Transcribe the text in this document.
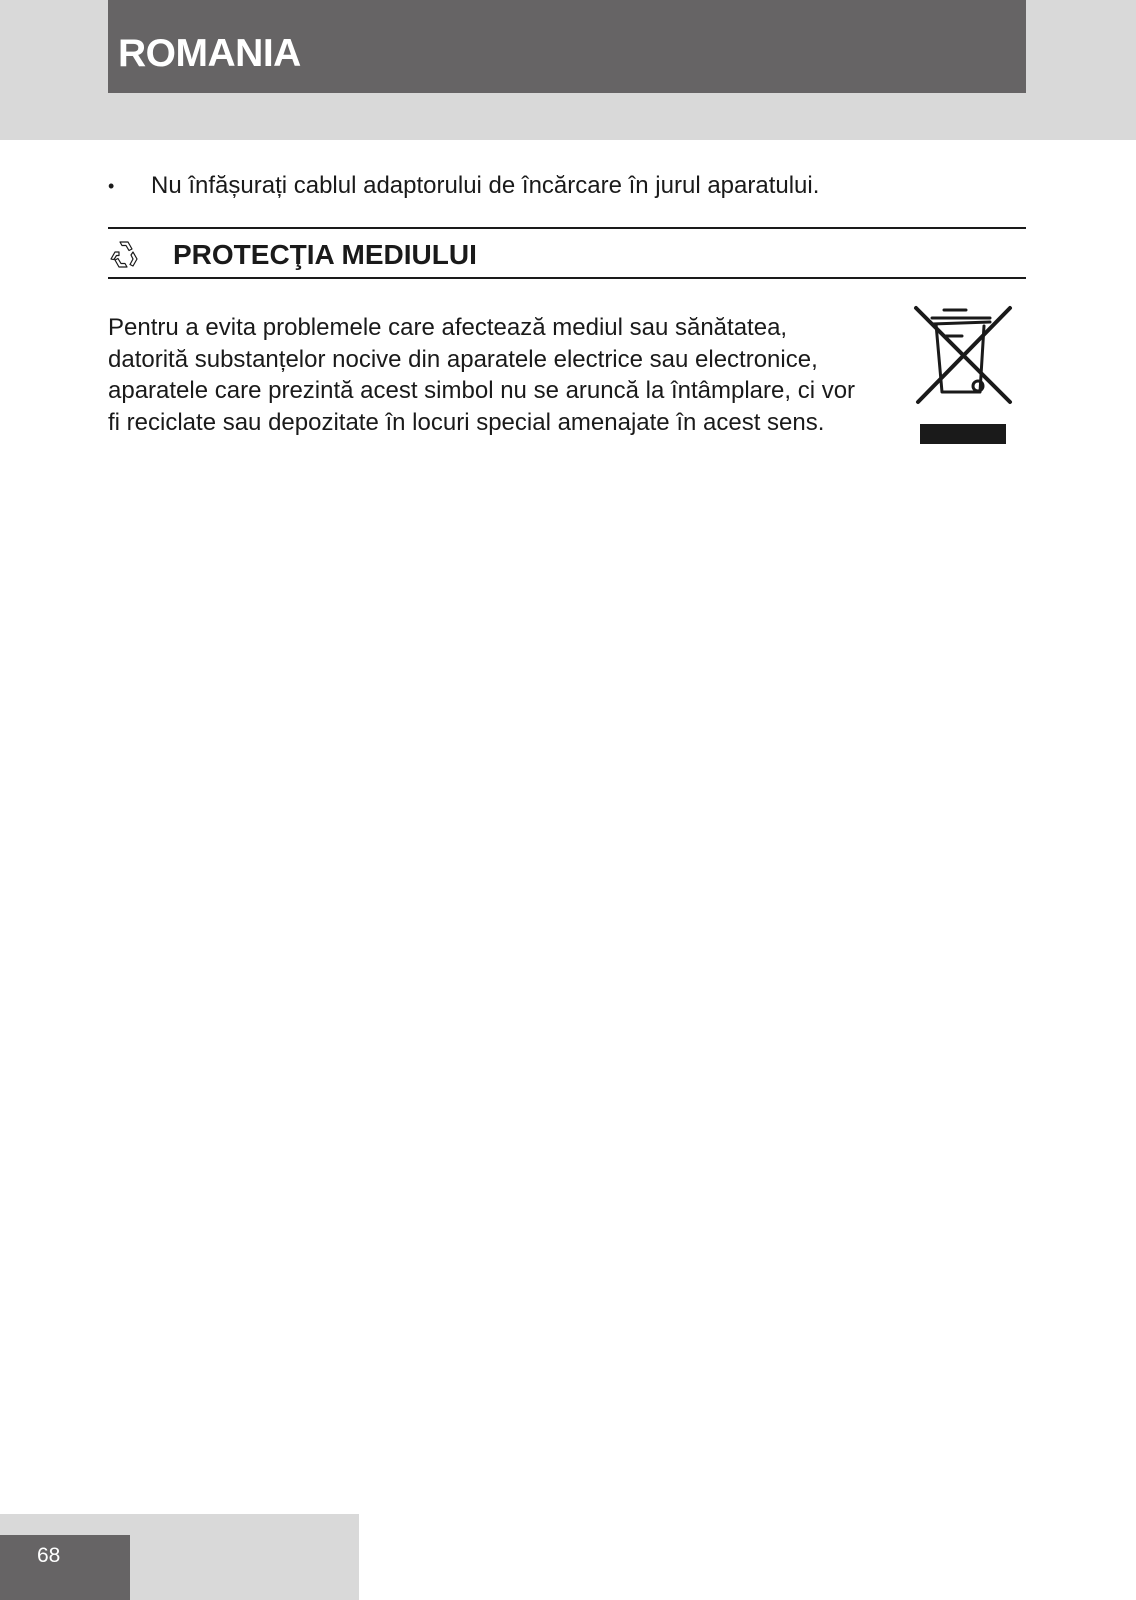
ROMANIA
• Nu înfășurați cablul adaptorului de încărcare în jurul aparatului.
PROTECŢIA MEDIULUI
Pentru a evita problemele care afectează mediul sau sănătatea,
datorită substanțelor nocive din aparatele electrice sau electronice,
aparatele care prezintă acest simbol nu se aruncă la întâmplare, ci vor
fi reciclate sau depozitate în locuri special amenajate în acest sens.
68
